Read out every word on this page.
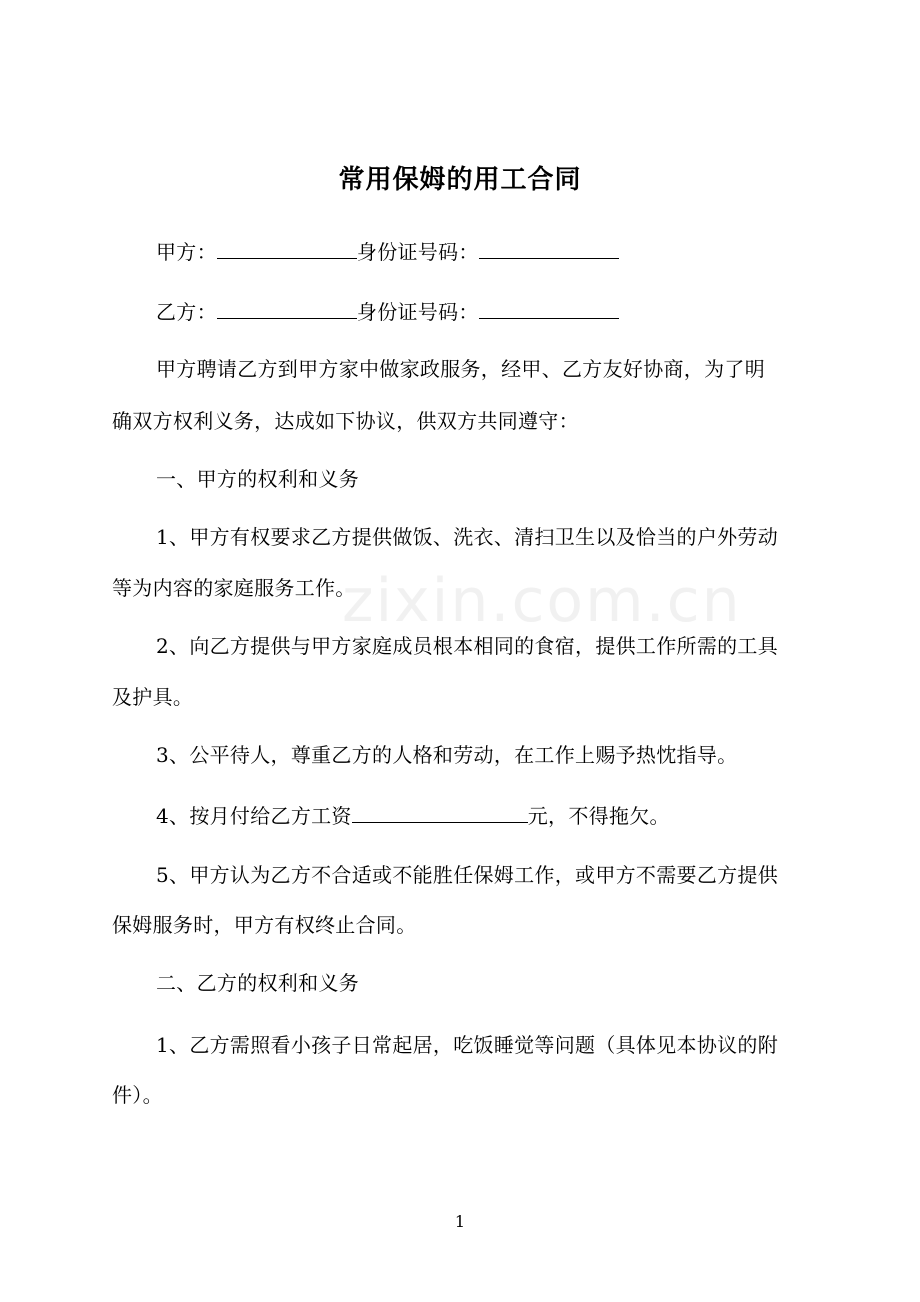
zixin.com.cn
常用保姆的用工合同
甲方：	身份证号码：
乙方：	身份证号码：
甲方聘请乙方到甲方家中做家政服务，经甲、乙方友好协商，为了明
确双方权利义务，达成如下协议，供双方共同遵守：
一、甲方的权利和义务
1、甲方有权要求乙方提供做饭、洗衣、清扫卫生以及恰当的户外劳动
等为内容的家庭服务工作。
2、向乙方提供与甲方家庭成员根本相同的食宿，提供工作所需的工具
及护具。
3、公平待人，尊重乙方的人格和劳动，在工作上赐予热忱指导。
4、按月付给乙方工资	元，不得拖欠。
5、甲方认为乙方不合适或不能胜任保姆工作，或甲方不需要乙方提供
保姆服务时，甲方有权终止合同。
二、乙方的权利和义务
1、乙方需照看小孩子日常起居，吃饭睡觉等问题（具体见本协议的附
件）。
1
